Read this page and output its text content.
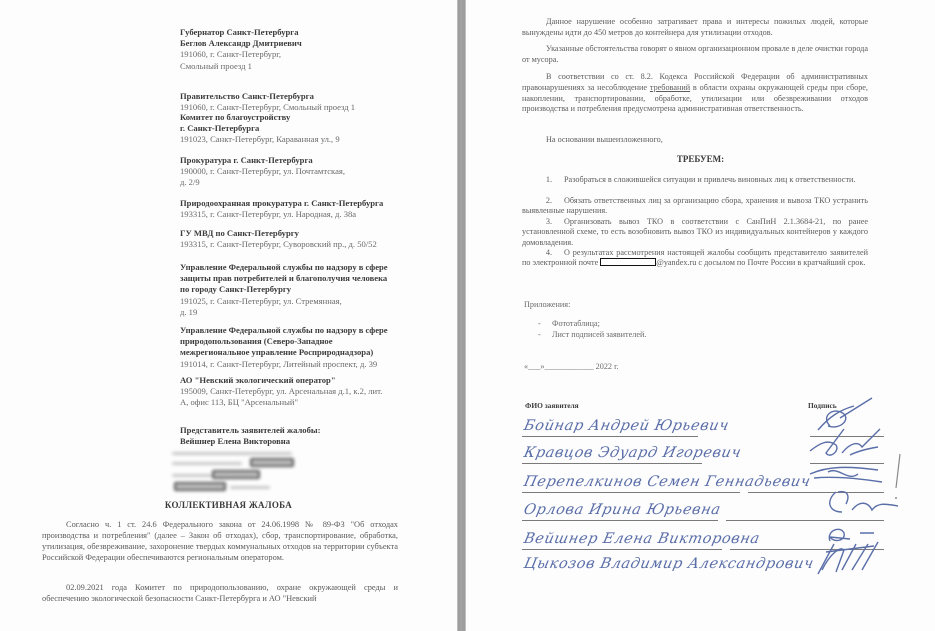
Губернатор Санкт-Петербурга
Беглов Александр Дмитриевич
191060, г. Санкт-Петербург,
Смольный проезд 1
Правительство Санкт-Петербурга
191060, г. Санкт-Петербург, Смольный проезд 1
Комитет по благоустройству
г. Санкт-Петербурга
191023, Санкт-Петербург, Караванная ул., 9
Прокуратура г. Санкт-Петербурга
190000, г. Санкт-Петербург, ул. Почтамтская,
д. 2/9
Природоохранная прокуратура г. Санкт-Петербурга
193315, г. Санкт-Петербург, ул. Народная, д. 38а
ГУ МВД по Санкт-Петербургу
193315, г. Санкт-Петербург, Суворовский пр., д. 50/52
Управление Федеральной службы по надзору в сфере
защиты прав потребителей и благополучия человека
по городу Санкт-Петербургу
191025, г. Санкт-Петербург, ул. Стремянная,
д. 19
Управление Федеральной службы по надзору в сфере
природопользования (Северо-Западное
межрегиональное управление Росприроднадзора)
191014, г. Санкт-Петербург, Литейный проспект, д. 39
АО "Невский экологический оператор"
195009, Санкт-Петербург, ул. Арсенальная д.1, к.2, лит.
А, офис 113, БЦ "Арсенальный"
Представитель заявителей жалобы:
Вейшнер Елена Викторовна
КОЛЛЕКТИВНАЯ ЖАЛОБА

Согласно ч. 1 ст. 24.6 Федерального закона от 24.06.1998 № 89-ФЗ "Об отходах производства и потребления" (далее – Закон об отходах), сбор, транспортирование, обработка, утилизация, обезвреживание, захоронение твердых коммунальных отходов на территории субъекта Российской Федерации обеспечиваются региональным оператором.

02.09.2021 года Комитет по природопользованию, охране окружающей среды и обеспечению экологической безопасности Санкт-Петербурга и АО "Невский

Данное нарушение особенно затрагивает права и интересы пожилых людей, которые вынуждены идти до 450 метров до контейнера для утилизации отходов.

Указанные обстоятельства говорят о явном организационном провале в деле очистки города от мусора.

В соответствии со ст. 8.2. Кодекса Российской Федерации об административных правонарушениях за несоблюдение требований в области охраны окружающей среды при сборе, накоплении, транспортировании, обработке, утилизации или обезвреживании отходов производства и потребления предусмотрена административная ответственность.

На основании вышеизложенного,

ТРЕБУЕМ:
1. Разобраться в сложившейся ситуации и привлечь виновных лиц к ответственности.
2. Обязать ответственных лиц за организацию сбора, хранения и вывоза ТКО устранить выявленные нарушения.
3. Организовать вывоз ТКО в соответствии с СанПиН 2.1.3684-21, по ранее установленной схеме, то есть возобновить вывоз ТКО из индивидуальных контейнеров у каждого домовладения.
4. О результатах рассмотрения настоящей жалобы сообщить представителю заявителей по электронной почте	@yandex.ru с досылом по Почте России в кратчайший срок.
Приложения:
- Фототаблица;
- Лист подписей заявителей.
«___»____________ 2022 г.
ФИО заявителя	Подпись
Бойнар Андрей Юрьевич
Кравцов Эдуард Игоревич
Перепелкинов Семен Геннадьевич
Орлова Ирина Юрьевна
Вейшнер Елена Викторовна
Цыкозов Владимир Александрович
